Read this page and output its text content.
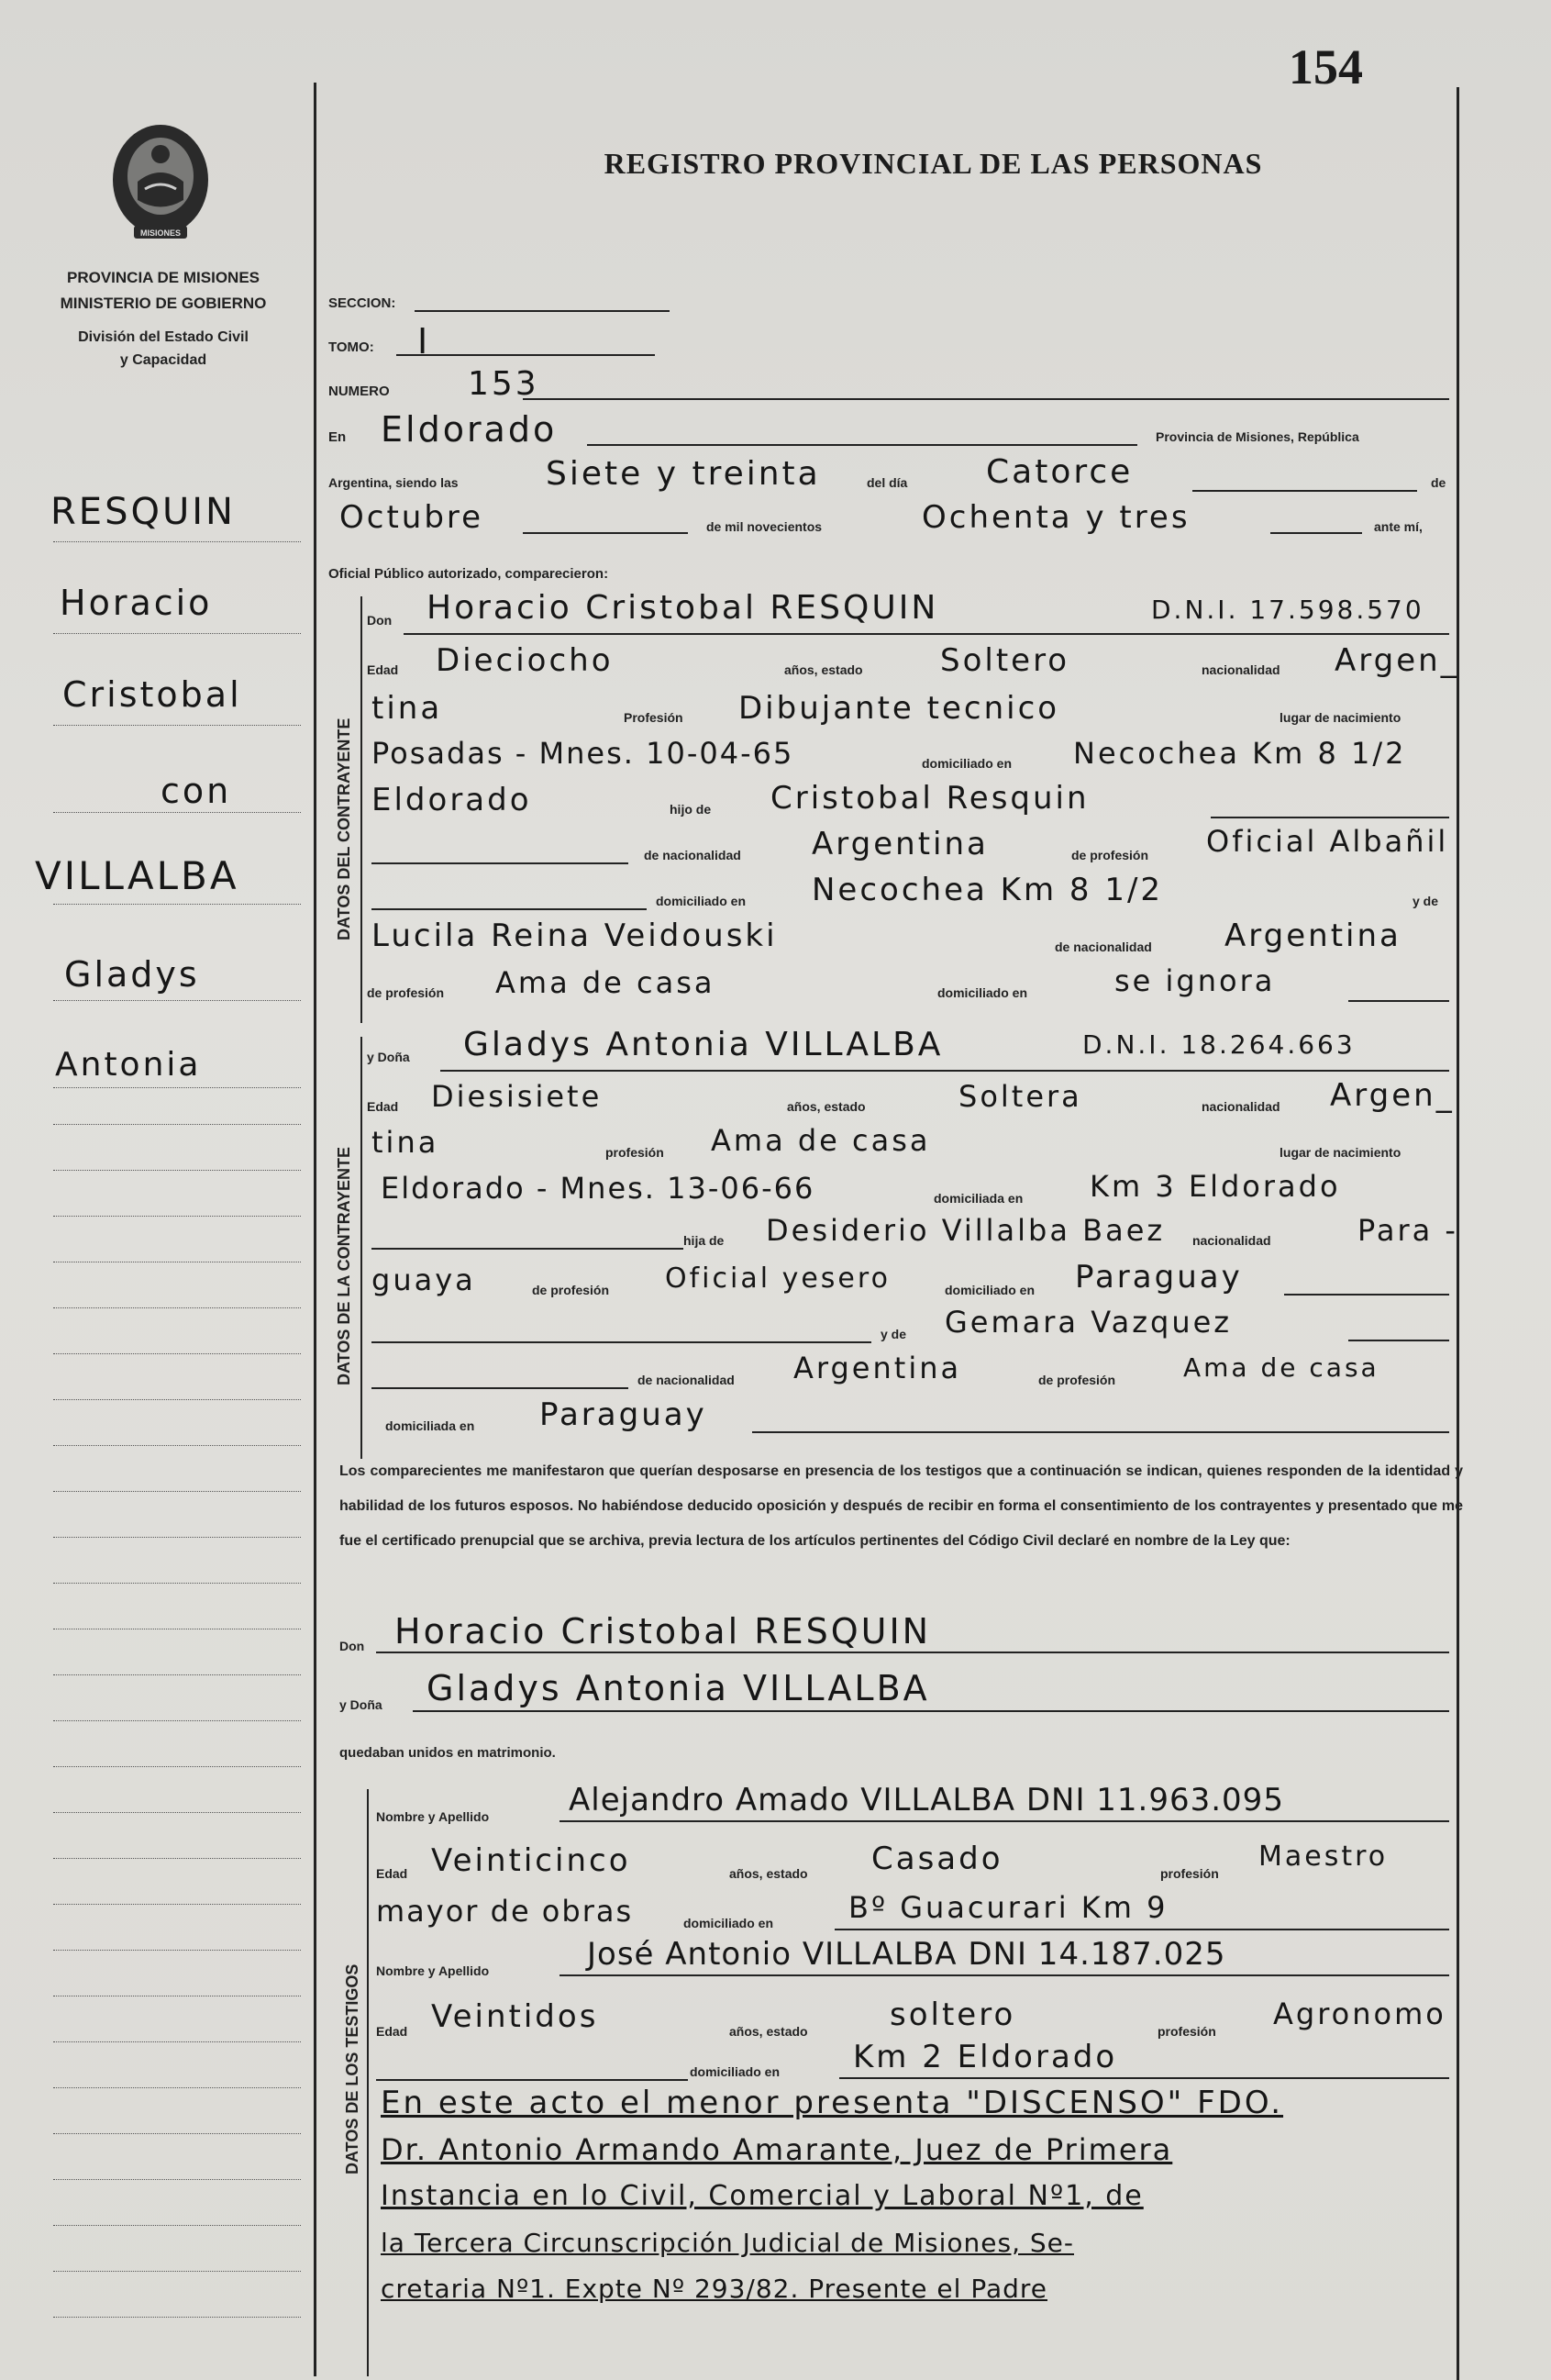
154
MISIONES
PROVINCIA DE MISIONES
MINISTERIO DE GOBIERNO
División del Estado Civil
y Capacidad
REGISTRO PROVINCIAL DE LAS PERSONAS
RESQUIN
Horacio
Cristobal
con
VILLALBA
Gladys
Antonia
SECCION:
TOMO: I
NUMERO 153
En Eldorado	Provincia de Misiones, República
Argentina, siendo las	Siete y treinta	del día Catorce	de
Octubre	de mil novecientos	Ochenta y tres	ante mí,
Oficial Público autorizado, comparecieron:
DATOS DEL CONTRAYENTE
DATOS DE LA CONTRAYENTE
DATOS DE LOS TESTIGOS
Don Horacio Cristobal RESQUIN	D.N.I. 17.598.570
Edad Dieciocho	años, estado Soltero	nacionalidad Argen_
tina	Profesión Dibujante tecnico	lugar de nacimiento
Posadas - Mnes. 10-04-65	domiciliado en Necochea Km 8 1/2
Eldorado	hijo de Cristobal Resquin
de nacionalidad Argentina	de profesión Oficial Albañil
domiciliado en Necochea Km 8 1/2	y de
Lucila Reina Veidouski	de nacionalidad Argentina
de profesión Ama de casa	domiciliado en	se ignora
y Doña Gladys Antonia VILLALBA	D.N.I. 18.264.663
Edad Diesisiete	años, estado	Soltera	nacionalidad Argen_
tina	profesión Ama de casa	lugar de nacimiento
Eldorado - Mnes. 13-06-66	domiciliada en Km 3 Eldorado
hija de Desiderio Villalba Baez nacionalidad	Para -
guaya	de profesión Oficial yesero	domiciliado en Paraguay
y de Gemara Vazquez
de nacionalidad Argentina	de profesión	Ama de casa
domiciliada en Paraguay
Los comparecientes me manifestaron que querían desposarse en presencia de los testigos que a continuación se indican, quienes responden de la identidad y habilidad de los futuros esposos. No habiéndose deducido oposición y después de recibir en forma el consentimiento de los contrayentes y presentado que me fue el certificado prenupcial que se archiva, previa lectura de los artículos pertinentes del Código Civil declaré en nombre de la Ley que:
Don Horacio Cristobal RESQUIN
y Doña Gladys Antonia VILLALBA
quedaban unidos en matrimonio.
Nombre y Apellido	Alejandro Amado VILLALBA DNI 11.963.095
Edad Veinticinco	años, estado Casado	profesión
Maestro
mayor de obras	domiciliado en	Bº Guacurari Km 9
Nombre y Apellido	José Antonio VILLALBA DNI 14.187.025
Edad Veintidos	años, estado	soltero	profesión Agronomo
domiciliado en Km 2 Eldorado
En este acto el menor presenta "DISCENSO" FDO.
Dr. Antonio Armando Amarante, Juez de Primera
Instancia en lo Civil, Comercial y Laboral Nº1, de
la Tercera Circunscripción Judicial de Misiones, Se-
cretaria Nº1. Expte Nº 293/82. Presente el Padre
